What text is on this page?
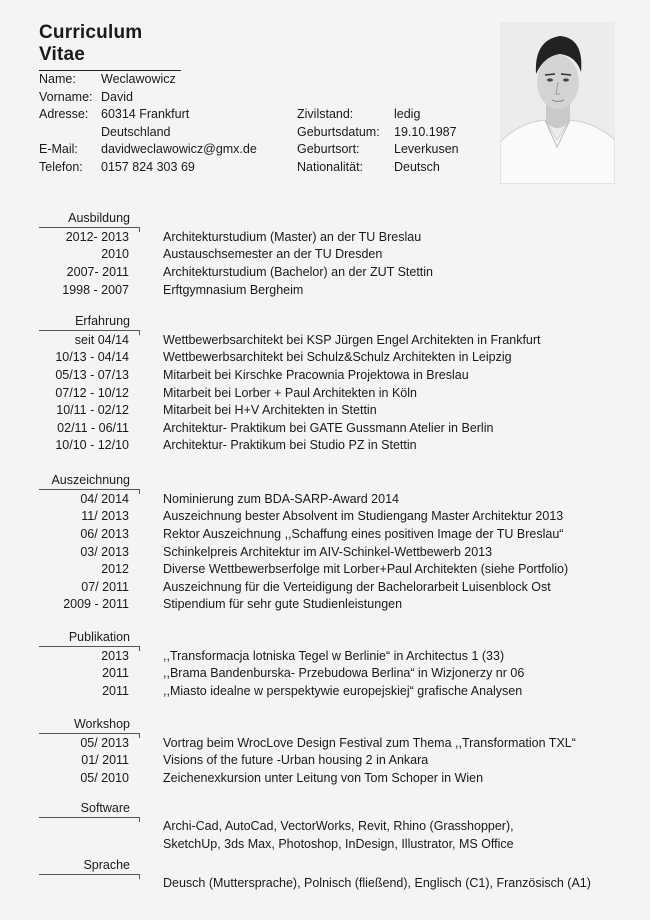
Curriculum Vitae
Name:	Weclawowicz
Vorname: David
Adresse:	60314 Frankfurt
Deutschland
E-Mail:	davidweclawowicz@gmx.de
Telefon:	0157 824 303 69
Zivilstand:	ledig
Geburtsdatum:	19.10.1987
Geburtsort:	Leverkusen
Nationalität:	Deutsch
Ausbildung
2012- 2013	Architekturstudium (Master) an der TU Breslau
2010	Austauschsemester an der TU Dresden
2007- 2011	Architekturstudium (Bachelor) an der ZUT Stettin
1998 - 2007	Erftgymnasium Bergheim
Erfahrung
seit 04/14	Wettbewerbsarchitekt bei KSP Jürgen Engel Architekten in Frankfurt
10/13 - 04/14	Wettbewerbsarchitekt bei Schulz&Schulz Architekten in Leipzig
05/13 - 07/13	Mitarbeit bei Kirschke Pracownia Projektowa in Breslau
07/12 - 10/12	Mitarbeit bei Lorber + Paul Architekten in Köln
10/11 - 02/12	Mitarbeit bei H+V Architekten in Stettin
02/11 - 06/11	Architektur- Praktikum bei GATE Gussmann Atelier in Berlin
10/10 - 12/10	Architektur- Praktikum bei Studio PZ in Stettin
Auszeichnung
04/ 2014	Nominierung zum BDA-SARP-Award 2014
11/ 2013	Auszeichnung bester Absolvent im Studiengang Master Architektur 2013
06/ 2013	Rektor Auszeichnung ,,Schaffung eines positiven Image der TU Breslau“
03/ 2013	Schinkelpreis Architektur im AIV-Schinkel-Wettbewerb 2013
2012	Diverse Wettbewerbserfolge mit Lorber+Paul Architekten (siehe Portfolio)
07/ 2011	Auszeichnung für die Verteidigung der Bachelorarbeit Luisenblock Ost
2009 - 2011	Stipendium für sehr gute Studienleistungen
Publikation
2013	,,Transformacja lotniska Tegel w Berlinie“ in Architectus 1 (33)
2011	,,Brama Bandenburska- Przebudowa Berlina“ in Wizjonerzy nr 06
2011	,,Miasto idealne w perspektywie europejskiej“ grafische Analysen
Workshop
05/ 2013	Vortrag beim WrocLove Design Festival zum Thema ,,Transformation TXL“
01/ 2011	Visions of the future -Urban housing 2 in Ankara
05/ 2010	Zeichenexkursion unter Leitung von Tom Schoper in Wien
Software
Archi-Cad, AutoCad, VectorWorks, Revit, Rhino (Grasshopper),
SketchUp, 3ds Max, Photoshop, InDesign, Illustrator, MS Office
Sprache
Deusch (Muttersprache), Polnisch (fließend), Englisch (C1), Französisch (A1)
